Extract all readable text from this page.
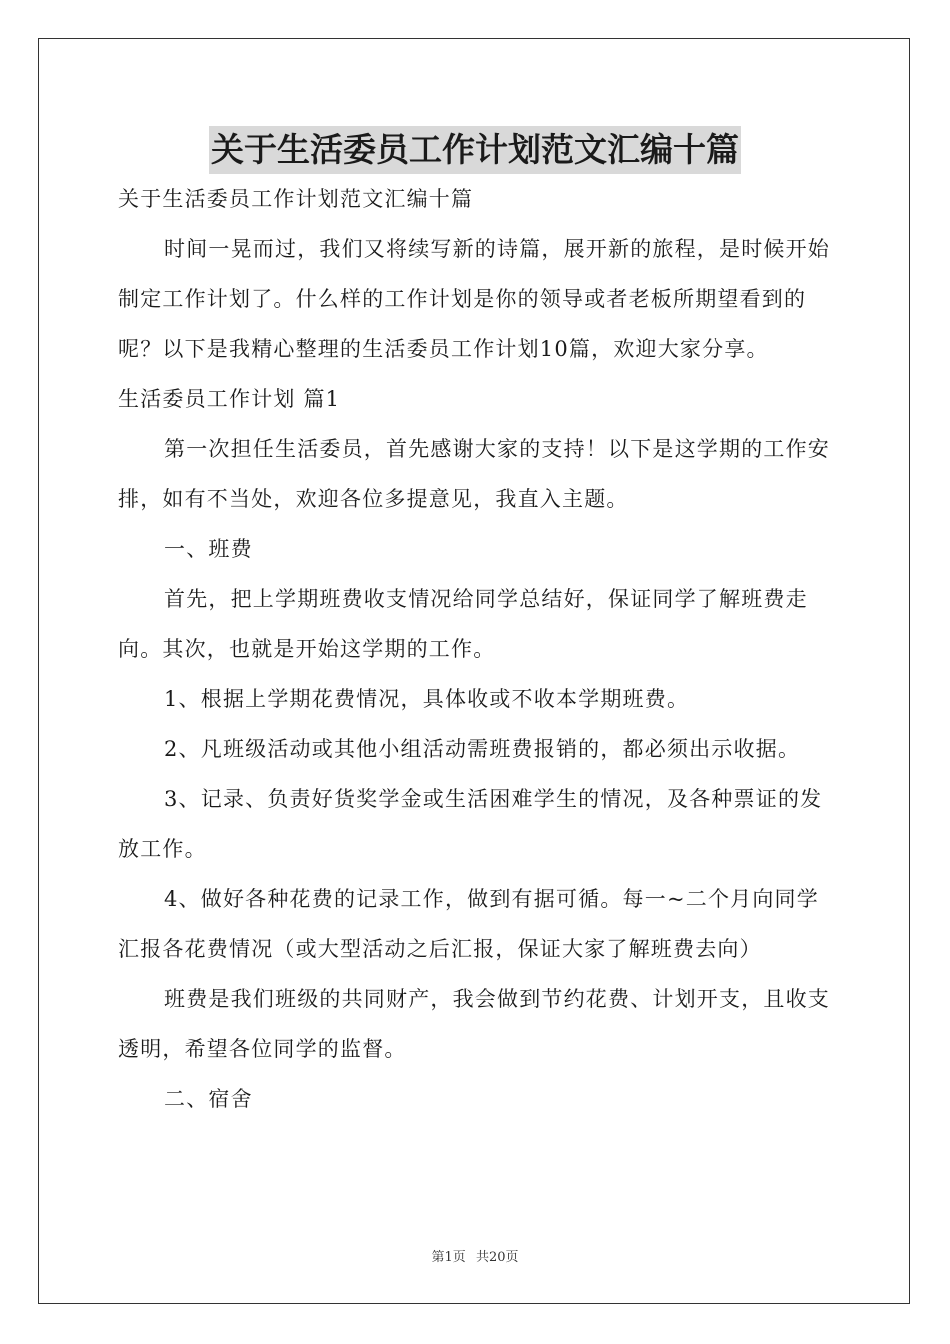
关于生活委员工作计划范文汇编十篇

关于生活委员工作计划范文汇编十篇

时间一晃而过，我们又将续写新的诗篇，展开新的旅程，是时候开始制定工作计划了。什么样的工作计划是你的领导或者老板所期望看到的呢？以下是我精心整理的生活委员工作计划10篇，欢迎大家分享。

生活委员工作计划 篇1

第一次担任生活委员，首先感谢大家的支持！以下是这学期的工作安排，如有不当处，欢迎各位多提意见，我直入主题。

一、班费

首先，把上学期班费收支情况给同学总结好，保证同学了解班费走向。其次，也就是开始这学期的工作。

1、根据上学期花费情况，具体收或不收本学期班费。

2、凡班级活动或其他小组活动需班费报销的，都必须出示收据。

3、记录、负责好货奖学金或生活困难学生的情况，及各种票证的发放工作。

4、做好各种花费的记录工作，做到有据可循。每一~二个月向同学汇报各花费情况（或大型活动之后汇报，保证大家了解班费去向）

班费是我们班级的共同财产，我会做到节约花费、计划开支，且收支透明，希望各位同学的监督。

二、宿舍

第1页 共20页
